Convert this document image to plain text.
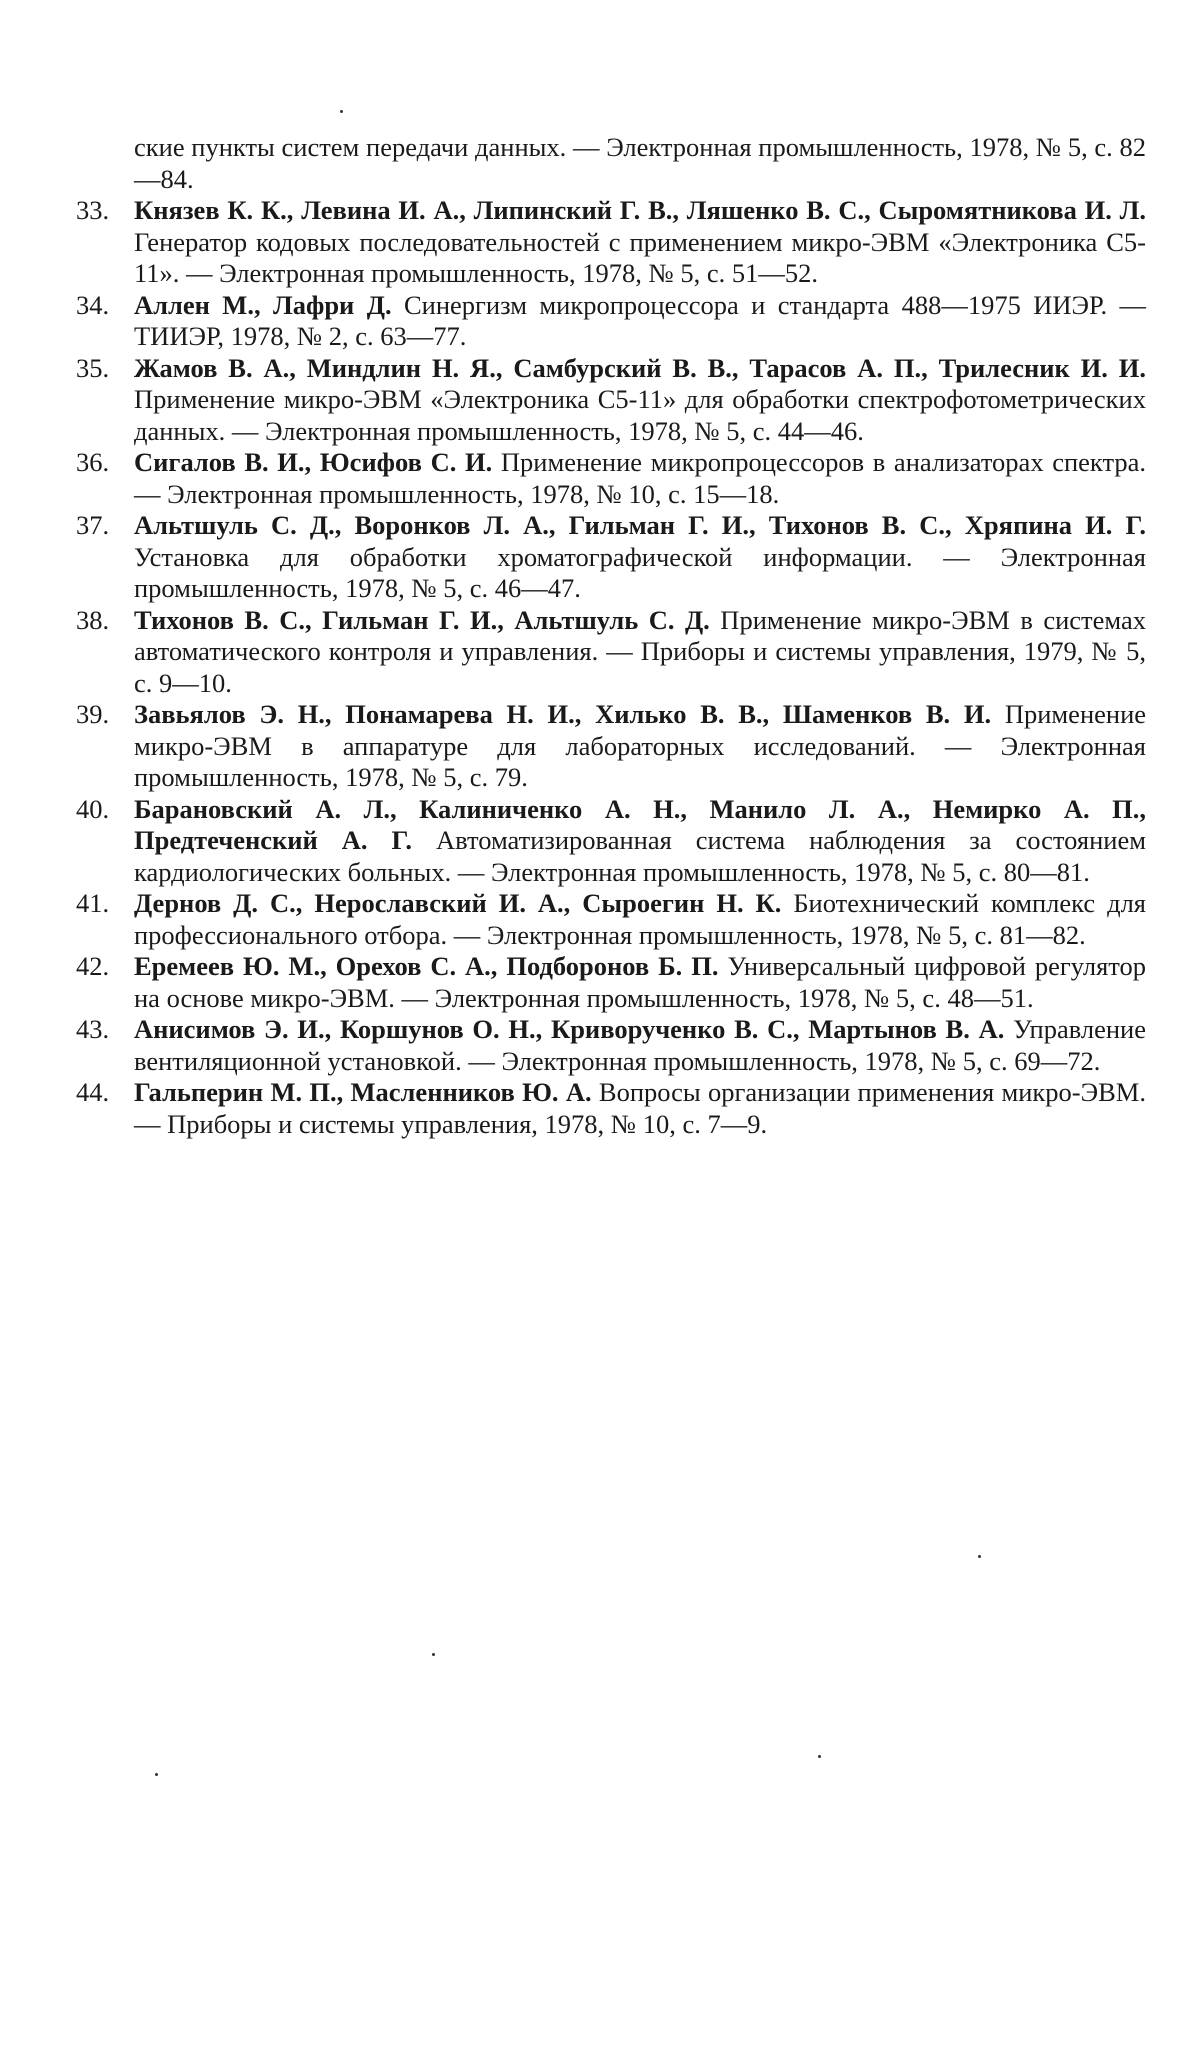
ские пункты систем передачи данных. — Электронная промышленность, 1978, № 5, с. 82—84.

33. Князев К. К., Левина И. А., Липинский Г. В., Ляшенко В. С., Сыромятникова И. Л. Генератор кодовых последовательностей с применением микро-ЭВМ «Электроника С5-11». — Электронная промышленность, 1978, № 5, с. 51—52.

34. Аллен М., Лафри Д. Синергизм микропроцессора и стандарта 488—1975 ИИЭР. — ТИИЭР, 1978, № 2, с. 63—77.

35. Жамов В. А., Миндлин Н. Я., Самбурский В. В., Тарасов А. П., Трилесник И. И. Применение микро-ЭВМ «Электроника С5-11» для обработки спектрофотометрических данных. — Электронная промышленность, 1978, № 5, с. 44—46.

36. Сигалов В. И., Юсифов С. И. Применение микропроцессоров в анализаторах спектра. — Электронная промышленность, 1978, № 10, с. 15—18.

37. Альтшуль С. Д., Воронков Л. А., Гильман Г. И., Тихонов В. С., Хряпина И. Г. Установка для обработки хроматографической информации. — Электронная промышленность, 1978, № 5, с. 46—47.

38. Тихонов В. С., Гильман Г. И., Альтшуль С. Д. Применение микро-ЭВМ в системах автоматического контроля и управления. — Приборы и системы управления, 1979, № 5, с. 9—10.

39. Завьялов Э. Н., Понамарева Н. И., Хилько В. В., Шаменков В. И. Применение микро-ЭВМ в аппаратуре для лабораторных исследований. — Электронная промышленность, 1978, № 5, с. 79.

40. Барановский А. Л., Калиниченко А. Н., Манило Л. А., Немирко А. П., Предтеченский А. Г. Автоматизированная система наблюдения за состоянием кардиологических больных. — Электронная промышленность, 1978, № 5, с. 80—81.

41. Дернов Д. С., Нерославский И. А., Сыроегин Н. К. Биотехнический комплекс для профессионального отбора. — Электронная промышленность, 1978, № 5, с. 81—82.

42. Еремеев Ю. М., Орехов С. А., Подборонов Б. П. Универсальный цифровой регулятор на основе микро-ЭВМ. — Электронная промышленность, 1978, № 5, с. 48—51.

43. Анисимов Э. И., Коршунов О. Н., Криворученко В. С., Мартынов В. А. Управление вентиляционной установкой. — Электронная промышленность, 1978, № 5, с. 69—72.

44. Гальперин М. П., Масленников Ю. А. Вопросы организации применения микро-ЭВМ. — Приборы и системы управления, 1978, № 10, с. 7—9.
